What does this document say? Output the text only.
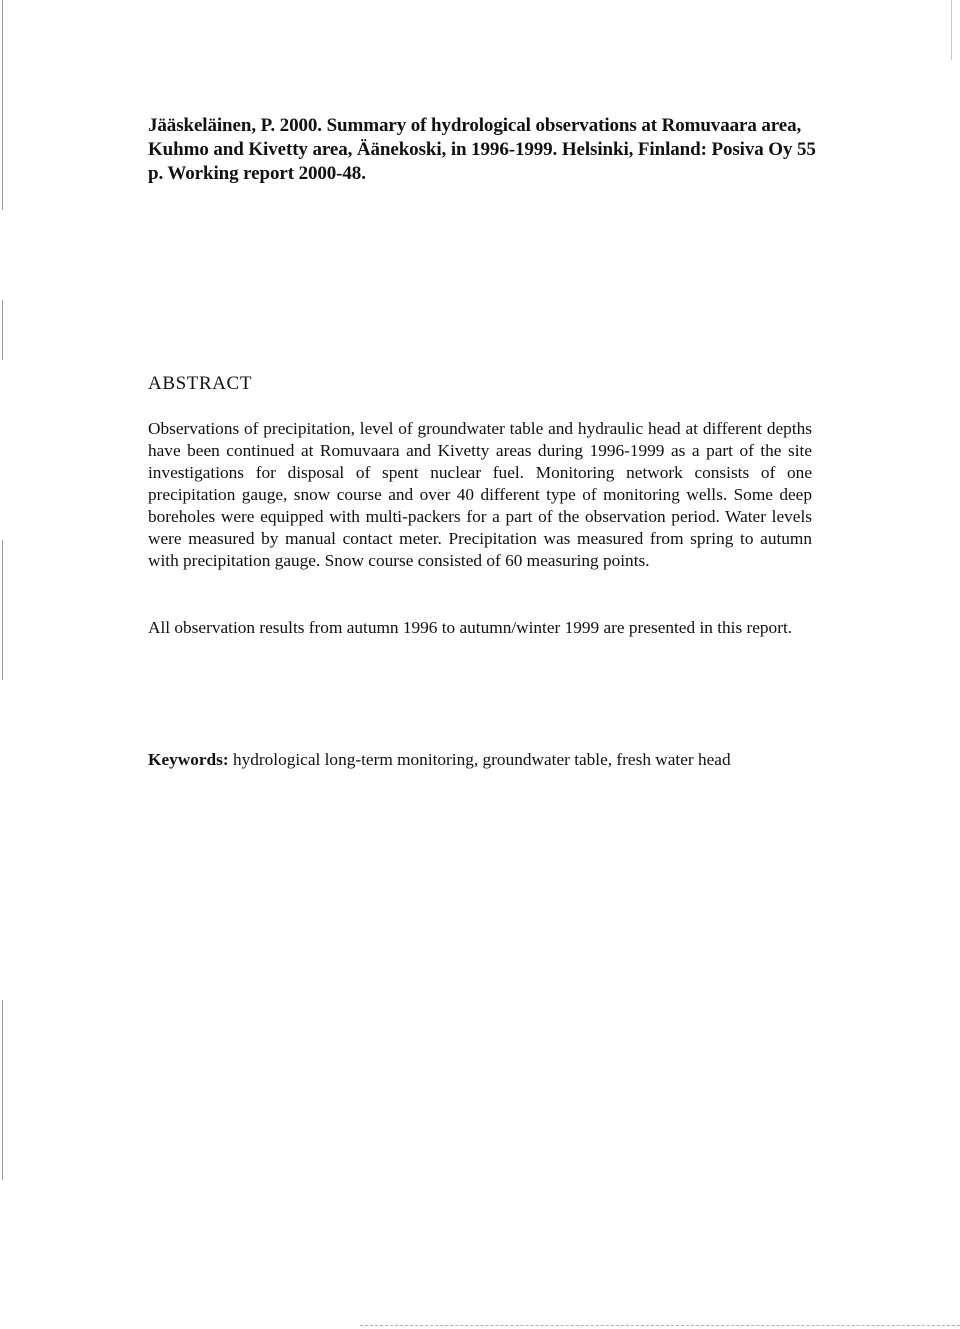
Jääskeläinen, P. 2000. Summary of hydrological observations at Romuvaara area, Kuhmo and Kivetty area, Äänekoski, in 1996-1999. Helsinki, Finland: Posiva Oy 55 p. Working report 2000-48.
ABSTRACT

Observations of precipitation, level of groundwater table and hydraulic head at different depths have been continued at Romuvaara and Kivetty areas during 1996-1999 as a part of the site investigations for disposal of spent nuclear fuel. Monitoring network consists of one precipitation gauge, snow course and over 40 different type of monitoring wells. Some deep boreholes were equipped with multi-packers for a part of the observation period. Water levels were measured by manual contact meter. Precipitation was measured from spring to autumn with precipitation gauge. Snow course consisted of 60 measuring points.

All observation results from autumn 1996 to autumn/winter 1999 are presented in this report.

Keywords: hydrological long-term monitoring, groundwater table, fresh water head
